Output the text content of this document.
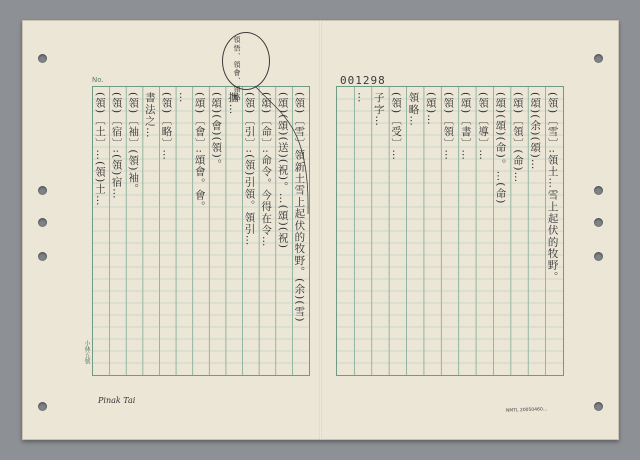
No.
小林五號
001298
(領)〔雪〕領新土雪上起伏的牧野。(余)(雪)
(頌)(頌)(送)(祝)。…(頌)(祝)
(頌)〔命〕:命令。今得在令…
(領)〔引〕:(領)引領。領引…
攜…
(頌)(會)(領)。
(頌)〔會〕:頌會。會。
…
(領)〔略〕…
書法之…
(領)〔袖〕(領)袖。
(領)〔宿〕:(領)宿…
(領)〔土〕…(領)土…	(領)〔雪〕:領土…雪上起伏的牧野。
(頌)(余)(頌)…
(頌)〔領〕(命)…
(頌)(頌)(命)。…(命)
(領)〔導〕…
(頌)〔書〕…
(領)〔領〕…
(頌)…
領略…
(領)〔受〕…
子字…
…
領悟、領會、領略
Pinak Tai
NMTL 20050460...
